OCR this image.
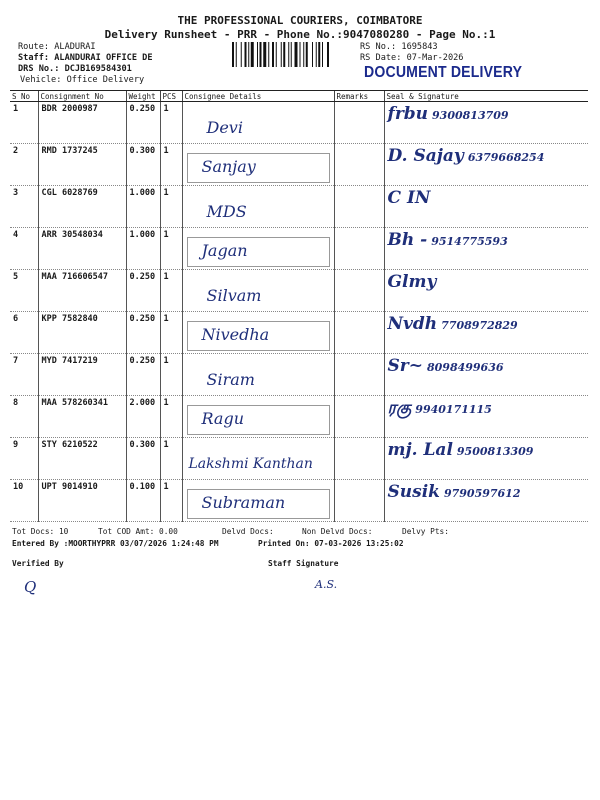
THE PROFESSIONAL COURIERS, COIMBATORE
Delivery Runsheet - PRR - Phone No.:9047080280 - Page No.:1
Route: ALADURAI
Staff: ALANDURAI OFFICE DE
DRS No.: DCJB169584301
Vehicle: Office Delivery
RS No.: 1695843
RS Date: 07-Mar-2026
DOCUMENT DELIVERY
S No	Consignment No	Weight	PCS	Consignee Details	Remarks	Seal & Signature
1	BDR 2000987	0.250	1	Devi		frbu 9300813709
2	RMD 1737245	0.300	1	Sanjay		D. Sajay 6379668254
3	CGL 6028769	1.000	1	MDS		C IN
4	ARR 30548034	1.000	1	Jagan		Bh - 9514775593
5	MAA 716606547	0.250	1	Silvam		Glmy
6	KPP 7582840	0.250	1	Nivedha		Nvdh 7708972829
7	MYD 7417219	0.250	1	Siram		Sr~ 8098499636
8	MAA 578260341	2.000	1	Ragu		ரகு 9940171115
9	STY 6210522	0.300	1	Lakshmi Kanthan		mj. Lal 9500813309
10	UPT 9014910	0.100	1	Subraman		Susik 9790597612
Tot Docs: 10	Tot COD Amt: 0.00	Delvd Docs:	Non Delvd Docs:	Delvy Pts:
Entered By :MOORTHYPRR 03/07/2026 1:24:48 PM	Printed On: 07-03-2026 13:25:02
Verified By
Q
Staff Signature
A.S.
